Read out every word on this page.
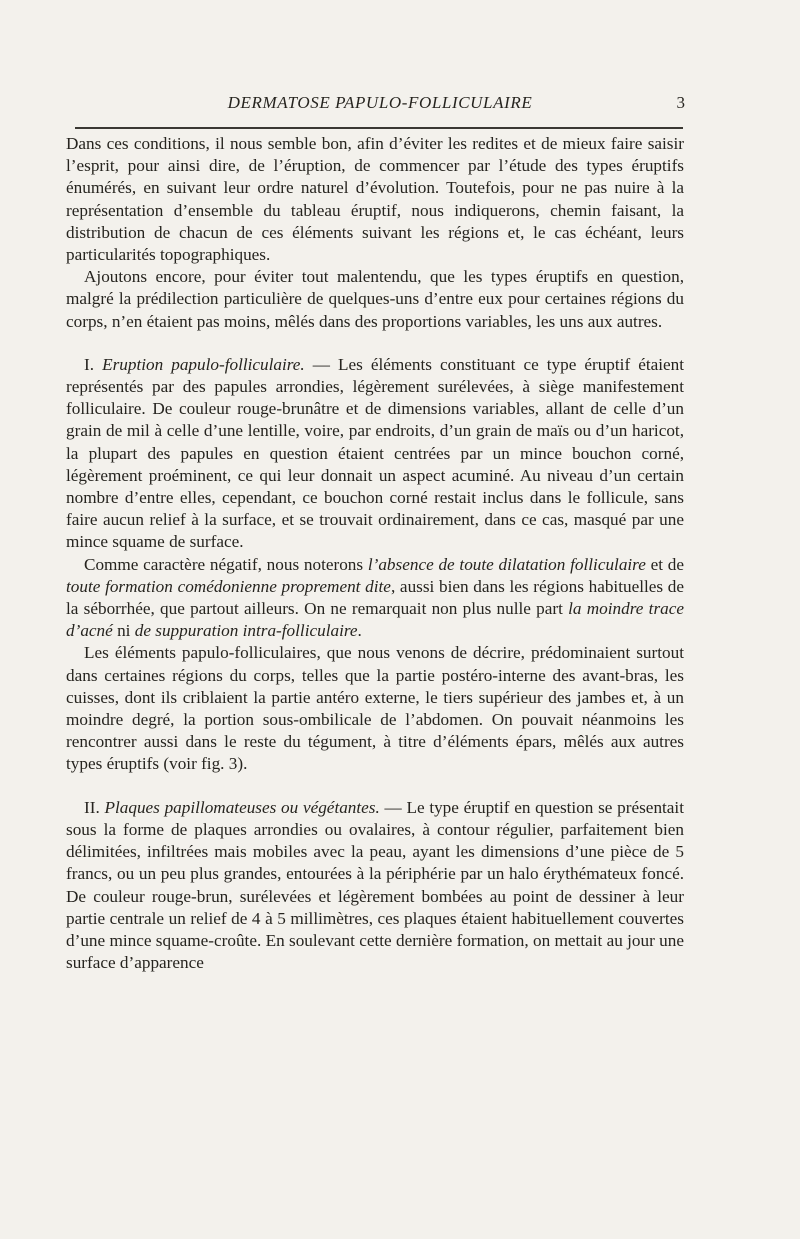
DERMATOSE PAPULO-FOLLICULAIRE	3

Dans ces conditions, il nous semble bon, afin d’éviter les redites et de mieux faire saisir l’esprit, pour ainsi dire, de l’éruption, de commencer par l’étude des types éruptifs énumérés, en suivant leur ordre naturel d’évolution. Toutefois, pour ne pas nuire à la représentation d’ensemble du tableau éruptif, nous indiquerons, chemin faisant, la distribution de chacun de ces éléments suivant les régions et, le cas échéant, leurs particularités topographiques.

Ajoutons encore, pour éviter tout malentendu, que les types éruptifs en question, malgré la prédilection particulière de quelques-uns d’entre eux pour certaines régions du corps, n’en étaient pas moins, mêlés dans des proportions variables, les uns aux autres.

I. Eruption papulo-folliculaire. — Les éléments constituant ce type éruptif étaient représentés par des papules arrondies, légèrement surélevées, à siège manifestement folliculaire. De couleur rouge-brunâtre et de dimensions variables, allant de celle d’un grain de mil à celle d’une lentille, voire, par endroits, d’un grain de maïs ou d’un haricot, la plupart des papules en question étaient centrées par un mince bouchon corné, légèrement proéminent, ce qui leur donnait un aspect acuminé. Au niveau d’un certain nombre d’entre elles, cependant, ce bouchon corné restait inclus dans le follicule, sans faire aucun relief à la surface, et se trouvait ordinairement, dans ce cas, masqué par une mince squame de surface.

Comme caractère négatif, nous noterons l’absence de toute dilatation folliculaire et de toute formation comédonienne proprement dite, aussi bien dans les régions habituelles de la séborrhée, que partout ailleurs. On ne remarquait non plus nulle part la moindre trace d’acné ni de suppuration intra-folliculaire.

Les éléments papulo-folliculaires, que nous venons de décrire, prédominaient surtout dans certaines régions du corps, telles que la partie postéro-interne des avant-bras, les cuisses, dont ils criblaient la partie antéro externe, le tiers supérieur des jambes et, à un moindre degré, la portion sous-ombilicale de l’abdomen. On pouvait néanmoins les rencontrer aussi dans le reste du tégument, à titre d’éléments épars, mêlés aux autres types éruptifs (voir fig. 3).

II. Plaques papillomateuses ou végétantes. — Le type éruptif en question se présentait sous la forme de plaques arrondies ou ovalaires, à contour régulier, parfaitement bien délimitées, infiltrées mais mobiles avec la peau, ayant les dimensions d’une pièce de 5 francs, ou un peu plus grandes, entourées à la périphérie par un halo érythémateux foncé. De couleur rouge-brun, surélevées et légèrement bombées au point de dessiner à leur partie centrale un relief de 4 à 5 millimètres, ces plaques étaient habituellement couvertes d’une mince squame-croûte. En soulevant cette dernière formation, on mettait au jour une surface d’apparence
